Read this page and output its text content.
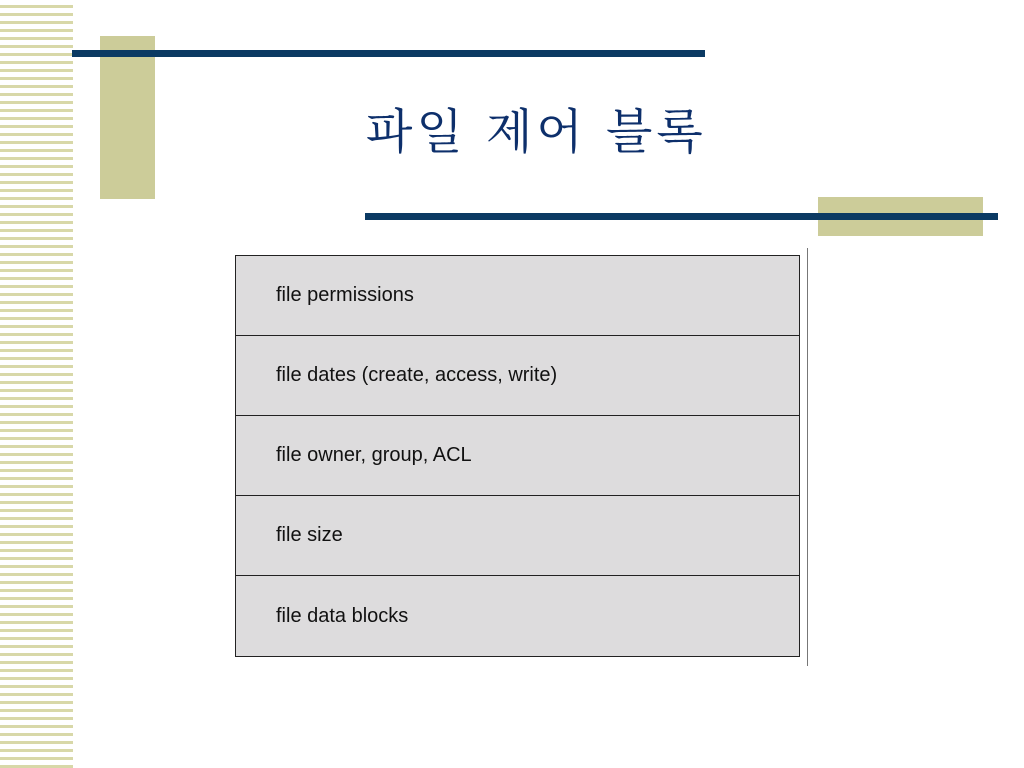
파일 제어 블록
file permissions
file dates (create, access, write)
file owner, group, ACL
file size
file data blocks
